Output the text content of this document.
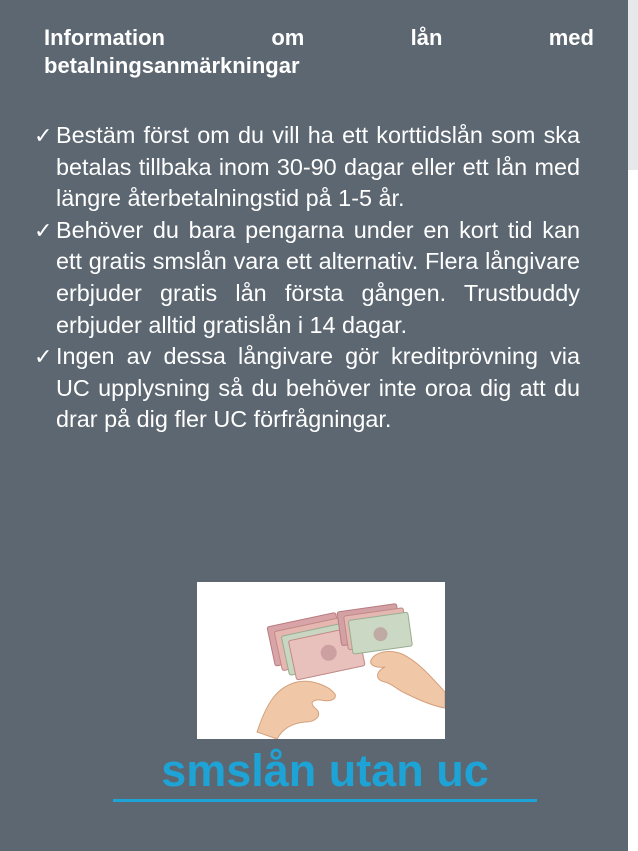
Information	om	lån	med
betalningsanmärkningar
✓ Bestäm först om du vill ha ett korttidslån som ska betalas tillbaka inom 30-90 dagar eller ett lån med längre återbetalningstid på 1-5 år.
✓ Behöver du bara pengarna under en kort tid kan ett gratis smslån vara ett alternativ. Flera långivare erbjuder gratis lån första gången. Trustbuddy erbjuder alltid gratislån i 14 dagar.
✓ Ingen av dessa långivare gör kreditprövning via UC upplysning så du behöver inte oroa dig att du drar på dig fler UC förfrågningar.
smslån utan uc
